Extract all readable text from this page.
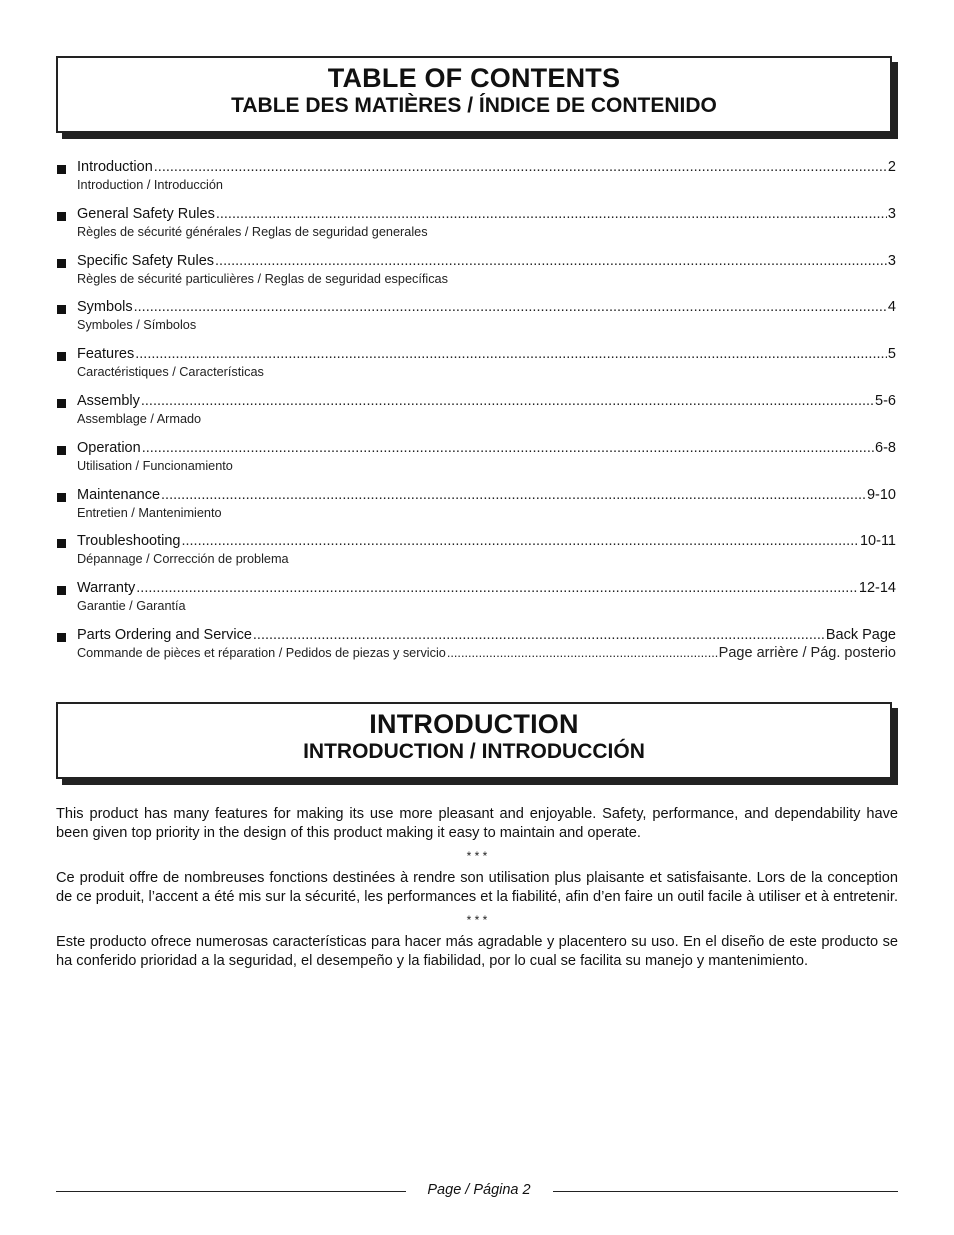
TABLE OF CONTENTS
TABLE DES MATIÈRES / ÍNDICE DE CONTENIDO
Introduction .....	2
Introduction / Introducción
General Safety Rules .....	3
Règles de sécurité générales / Reglas de seguridad generales
Specific Safety Rules .....	3
Règles de sécurité particulières / Reglas de seguridad específicas
Symbols .....	4
Symboles / Símbolos
Features .....	5
Caractéristiques / Características
Assembly .....	5-6
Assemblage / Armado
Operation .....	6-8
Utilisation / Funcionamiento
Maintenance .....	9-10
Entretien / Mantenimiento
Troubleshooting .....	10-11
Dépannage / Corrección de problema
Warranty .....	12-14
Garantie / Garantía
Parts Ordering and Service .....	Back Page
Commande de pièces et réparation / Pedidos de piezas y servicio .....	Page arrière / Pág. posterio
INTRODUCTION
INTRODUCTION / INTRODUCCIÓN

This product has many features for making its use more pleasant and enjoyable. Safety, performance, and dependability have been given top priority in the design of this product making it easy to maintain and operate.

* * *

Ce produit offre de nombreuses fonctions destinées à rendre son utilisation plus plaisante et satisfaisante. Lors de la conception de ce produit, l’accent a été mis sur la sécurité, les performances et la fiabilité, afin d’en faire un outil facile à utiliser et à entretenir.

* * *

Este producto ofrece numerosas características para hacer más agradable y placentero su uso. En el diseño de este producto se ha conferido prioridad a la seguridad, el desempeño y la fiabilidad, por lo cual se facilita su manejo y mantenimiento.

Page / Página 2
